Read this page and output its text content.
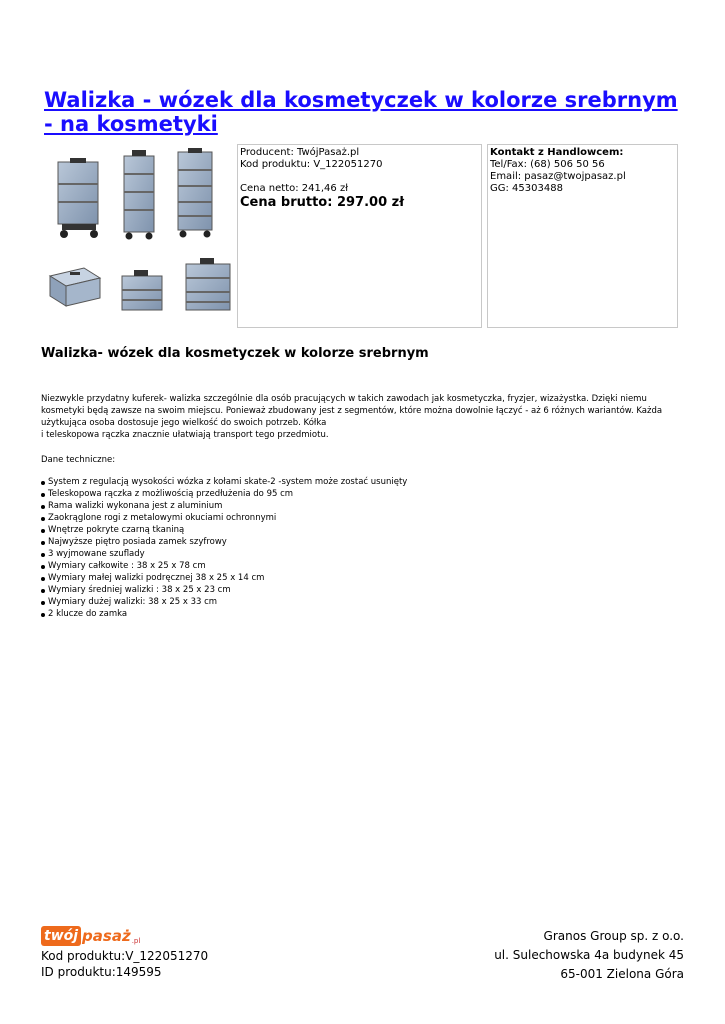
Walizka - wózek dla kosmetyczek w kolorze srebrnym - na kosmetyki
Producent: TwójPasaż.pl
Kod produktu: V_122051270
Cena netto: 241,46 zł
Cena brutto: 297.00 zł
Kontakt z Handlowcem:
Tel/Fax: (68) 506 50 56
Email: pasaz@twojpasaz.pl
GG: 45303488
Walizka- wózek dla kosmetyczek w kolorze srebrnym

Niezwykle przydatny kuferek- walizka szczególnie dla osób pracujących w takich zawodach jak kosmetyczka, fryzjer, wizażystka. Dzięki niemu kosmetyki będą zawsze na swoim miejscu. Ponieważ zbudowany jest z segmentów, które można dowolnie łączyć - aż 6 różnych wariantów. Każda użytkująca osoba dostosuje jego wielkość do swoich potrzeb. Kółka

i teleskopowa rączka znacznie ułatwiają transport tego przedmiotu.

Dane techniczne:
System z regulacją wysokości wózka z kołami skate-2 -system może zostać usunięty
Teleskopowa rączka z możliwością przedłużenia do 95 cm
Rama walizki wykonana jest z aluminium
Zaokrąglone rogi z metalowymi okuciami ochronnymi
Wnętrze pokryte czarną tkaniną
Najwyższe piętro posiada zamek szyfrowy
3 wyjmowane szuflady
Wymiary całkowite : 38 x 25 x 78 cm
Wymiary małej walizki podręcznej 38 x 25 x 14 cm
Wymiary średniej walizki : 38 x 25 x 23 cm
Wymiary dużej walizki: 38 x 25 x 33 cm
2 klucze do zamka
twój pasaż .pl
Kod produktu:V_122051270
ID produktu:149595
Granos Group sp. z o.o.
ul. Sulechowska 4a budynek 45
65-001 Zielona Góra
